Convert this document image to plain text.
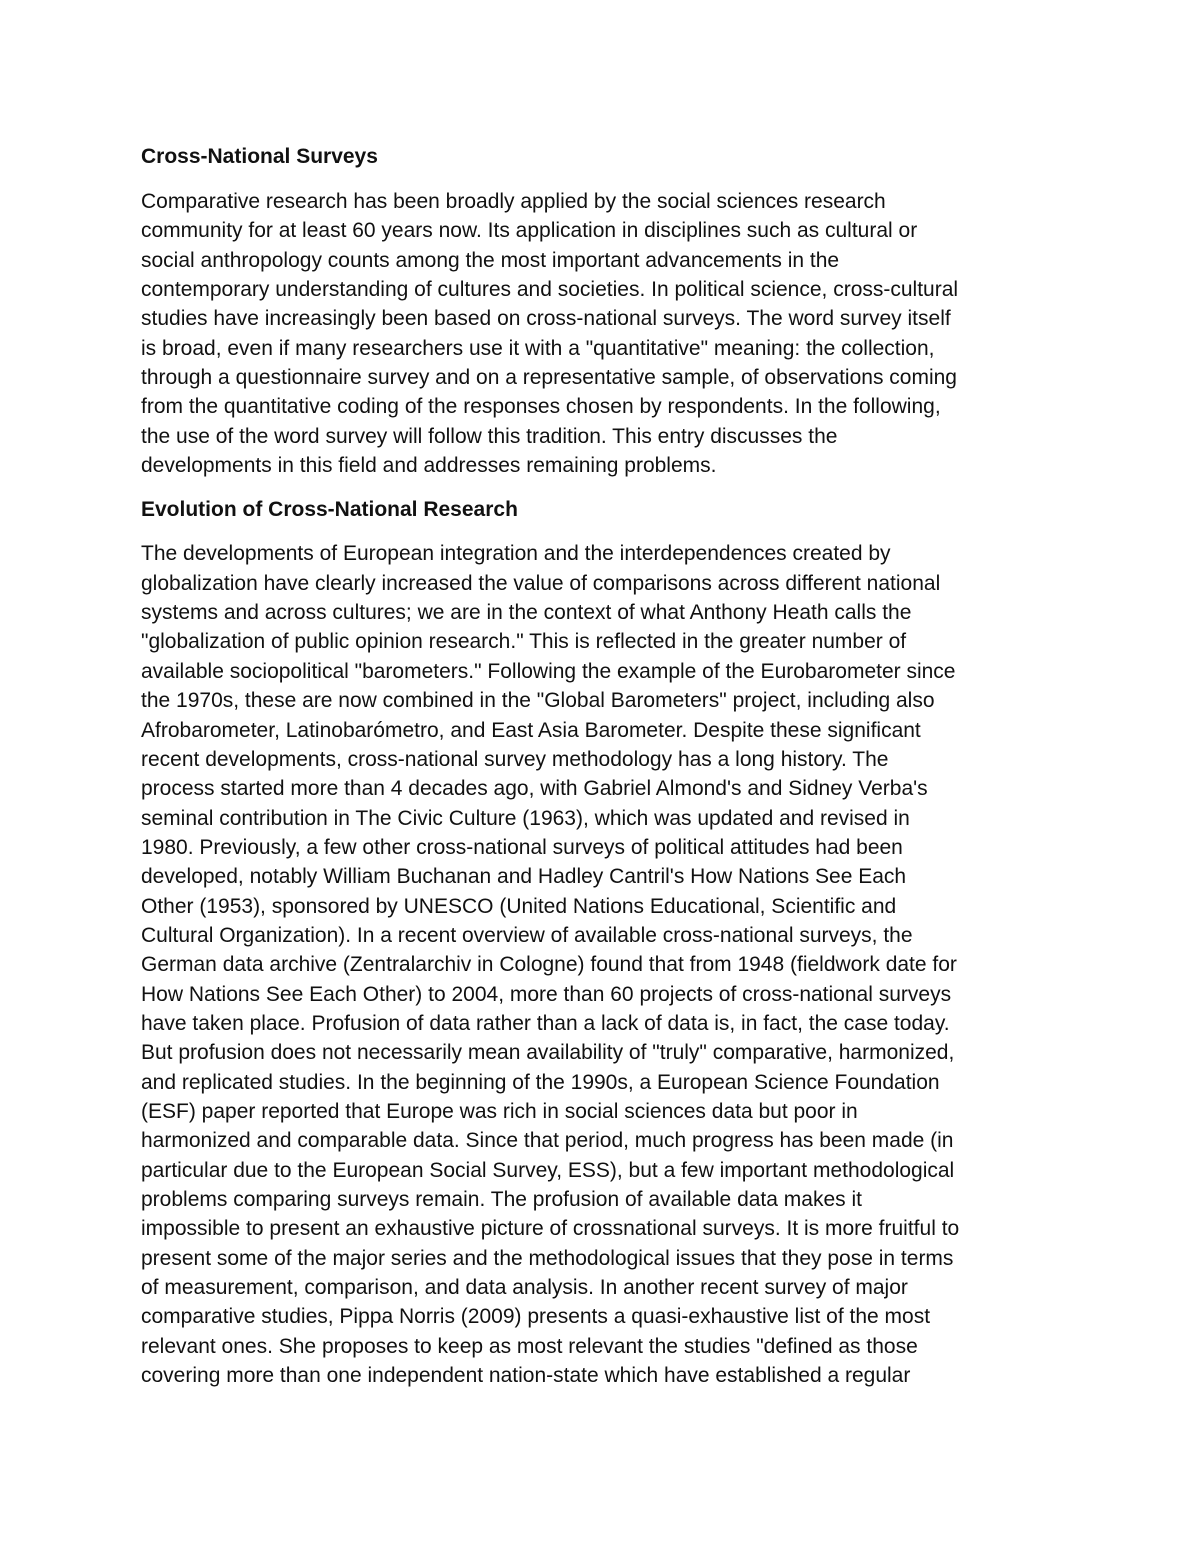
Cross-National Surveys

Comparative research has been broadly applied by the social sciences research
community for at least 60 years now. Its application in disciplines such as cultural or
social anthropology counts among the most important advancements in the
contemporary understanding of cultures and societies. In political science, cross-cultural
studies have increasingly been based on cross-national surveys. The word survey itself
is broad, even if many researchers use it with a "quantitative" meaning: the collection,
through a questionnaire survey and on a representative sample, of observations coming
from the quantitative coding of the responses chosen by respondents. In the following,
the use of the word survey will follow this tradition. This entry discusses the
developments in this field and addresses remaining problems.

Evolution of Cross-National Research

The developments of European integration and the interdependences created by
globalization have clearly increased the value of comparisons across different national
systems and across cultures; we are in the context of what Anthony Heath calls the
"globalization of public opinion research." This is reflected in the greater number of
available sociopolitical "barometers." Following the example of the Eurobarometer since
the 1970s, these are now combined in the "Global Barometers" project, including also
Afrobarometer, Latinobarómetro, and East Asia Barometer. Despite these significant
recent developments, cross-national survey methodology has a long history. The
process started more than 4 decades ago, with Gabriel Almond's and Sidney Verba's
seminal contribution in The Civic Culture (1963), which was updated and revised in
1980. Previously, a few other cross-national surveys of political attitudes had been
developed, notably William Buchanan and Hadley Cantril's How Nations See Each
Other (1953), sponsored by UNESCO (United Nations Educational, Scientific and
Cultural Organization). In a recent overview of available cross-national surveys, the
German data archive (Zentralarchiv in Cologne) found that from 1948 (fieldwork date for
How Nations See Each Other) to 2004, more than 60 projects of cross-national surveys
have taken place. Profusion of data rather than a lack of data is, in fact, the case today.
But profusion does not necessarily mean availability of "truly" comparative, harmonized,
and replicated studies. In the beginning of the 1990s, a European Science Foundation
(ESF) paper reported that Europe was rich in social sciences data but poor in
harmonized and comparable data. Since that period, much progress has been made (in
particular due to the European Social Survey, ESS), but a few important methodological
problems comparing surveys remain. The profusion of available data makes it
impossible to present an exhaustive picture of crossnational surveys. It is more fruitful to
present some of the major series and the methodological issues that they pose in terms
of measurement, comparison, and data analysis. In another recent survey of major
comparative studies, Pippa Norris (2009) presents a quasi-exhaustive list of the most
relevant ones. She proposes to keep as most relevant the studies "defined as those
covering more than one independent nation-state which have established a regular
